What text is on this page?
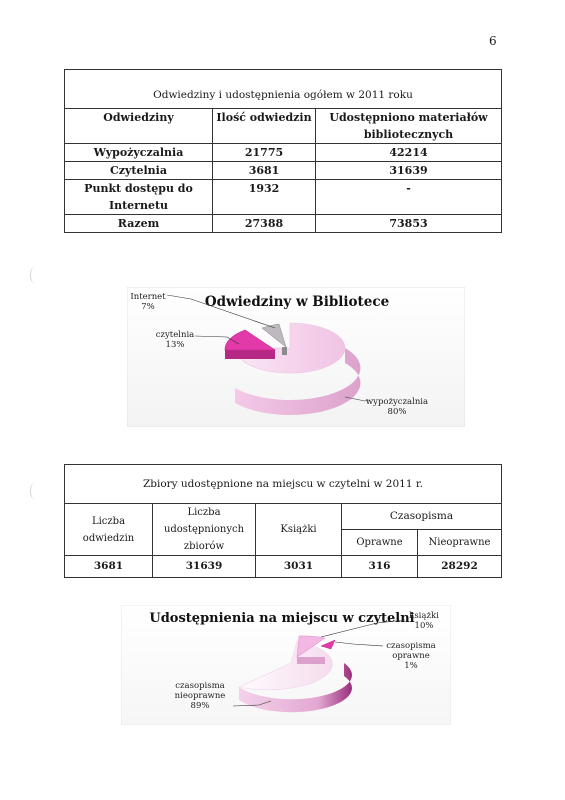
6
Odwiedziny i udostępnienia ogółem w 2011 roku		
Odwiedziny	Ilość odwiedzin	Udostępniono materiałów bibliotecznych
Wypożyczalnia	21775	42214
Czytelnia	3681	31639
Punkt dostępu do Internetu	1932	-
Razem	27388	73853
Odwiedziny w Bibliotece
Internet 7%
czytelnia 13%
wypożyczalnia 80%
Zbiory udostępnione na miejscu w czytelni w 2011 r.				
Liczba odwiedzin	Liczba udostępnionych zbiorów	Książki	Czasopisma	
			Oprawne	Nieoprawne
3681	31639	3031	316	28292
Udostępnienia na miejscu w czytelni
książki 10%
czasopisma oprawne 1%
czasopisma nieoprawne 89%
